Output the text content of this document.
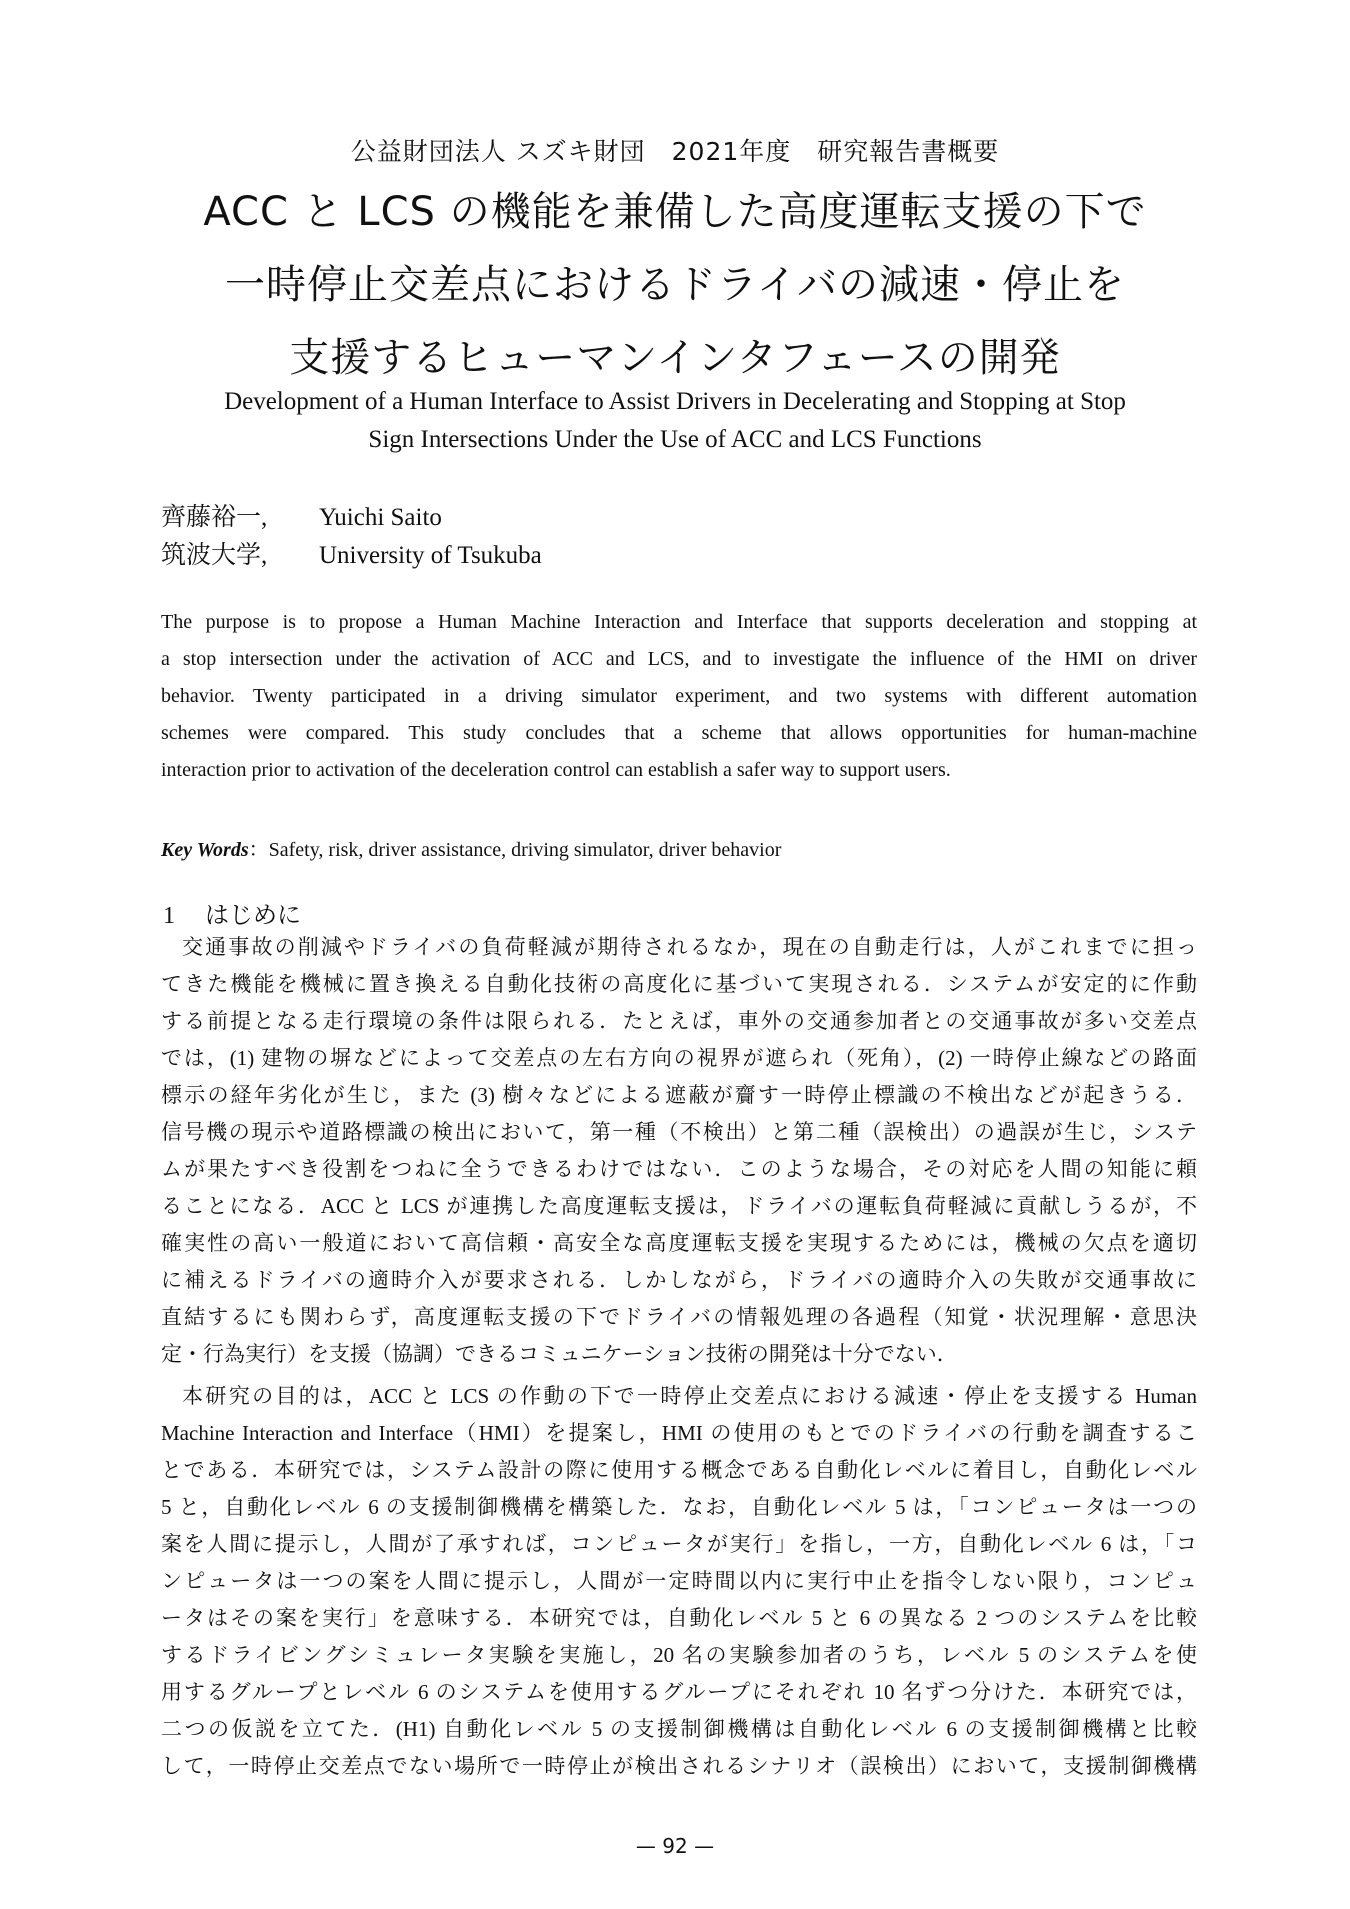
公益財団法人 スズキ財団　2021年度　研究報告書概要
ACC と LCS の機能を兼備した高度運転支援の下で
一時停止交差点におけるドライバの減速・停止を
支援するヒューマンインタフェースの開発
Development of a Human Interface to Assist Drivers in Decelerating and Stopping at Stop
Sign Intersections Under the Use of ACC and LCS Functions
齊藤裕一, Yuichi Saito
筑波大学, University of Tsukuba
The purpose is to propose a Human Machine Interaction and Interface that supports deceleration and stopping at
a stop intersection under the activation of ACC and LCS, and to investigate the influence of the HMI on driver
behavior. Twenty participated in a driving simulator experiment, and two systems with different automation
schemes were compared. This study concludes that a scheme that allows opportunities for human-machine
interaction prior to activation of the deceleration control can establish a safer way to support users.
Key Words：Safety, risk, driver assistance, driving simulator, driver behavior
1 はじめに
交通事故の削減やドライバの負荷軽減が期待されるなか，現在の自動走行は，人がこれまでに担っ
てきた機能を機械に置き換える自動化技術の高度化に基づいて実現される．システムが安定的に作動
する前提となる走行環境の条件は限られる．たとえば，車外の交通参加者との交通事故が多い交差点
では，(1) 建物の塀などによって交差点の左右方向の視界が遮られ（死角），(2) 一時停止線などの路面
標示の経年劣化が生じ，また (3) 樹々などによる遮蔽が齎す一時停止標識の不検出などが起きうる．
信号機の現示や道路標識の検出において，第一種（不検出）と第二種（誤検出）の過誤が生じ，システ
ムが果たすべき役割をつねに全うできるわけではない．このような場合，その対応を人間の知能に頼
ることになる．ACC と LCS が連携した高度運転支援は，ドライバの運転負荷軽減に貢献しうるが，不
確実性の高い一般道において高信頼・高安全な高度運転支援を実現するためには，機械の欠点を適切
に補えるドライバの適時介入が要求される．しかしながら，ドライバの適時介入の失敗が交通事故に
直結するにも関わらず，高度運転支援の下でドライバの情報処理の各過程（知覚・状況理解・意思決
定・行為実行）を支援（協調）できるコミュニケーション技術の開発は十分でない．
本研究の目的は，ACC と LCS の作動の下で一時停止交差点における減速・停止を支援する Human
Machine Interaction and Interface（HMI）を提案し，HMI の使用のもとでのドライバの行動を調査するこ
とである．本研究では，システム設計の際に使用する概念である自動化レベルに着目し，自動化レベル
5 と，自動化レベル 6 の支援制御機構を構築した．なお，自動化レベル 5 は，「コンピュータは一つの
案を人間に提示し，人間が了承すれば，コンピュータが実行」を指し，一方，自動化レベル 6 は，「コ
ンピュータは一つの案を人間に提示し，人間が一定時間以内に実行中止を指令しない限り，コンピュ
ータはその案を実行」を意味する．本研究では，自動化レベル 5 と 6 の異なる 2 つのシステムを比較
するドライビングシミュレータ実験を実施し，20 名の実験参加者のうち，レベル 5 のシステムを使
用するグループとレベル 6 のシステムを使用するグループにそれぞれ 10 名ずつ分けた．本研究では，
二つの仮説を立てた．(H1) 自動化レベル 5 の支援制御機構は自動化レベル 6 の支援制御機構と比較
して，一時停止交差点でない場所で一時停止が検出されるシナリオ（誤検出）において，支援制御機構
— 92 —
